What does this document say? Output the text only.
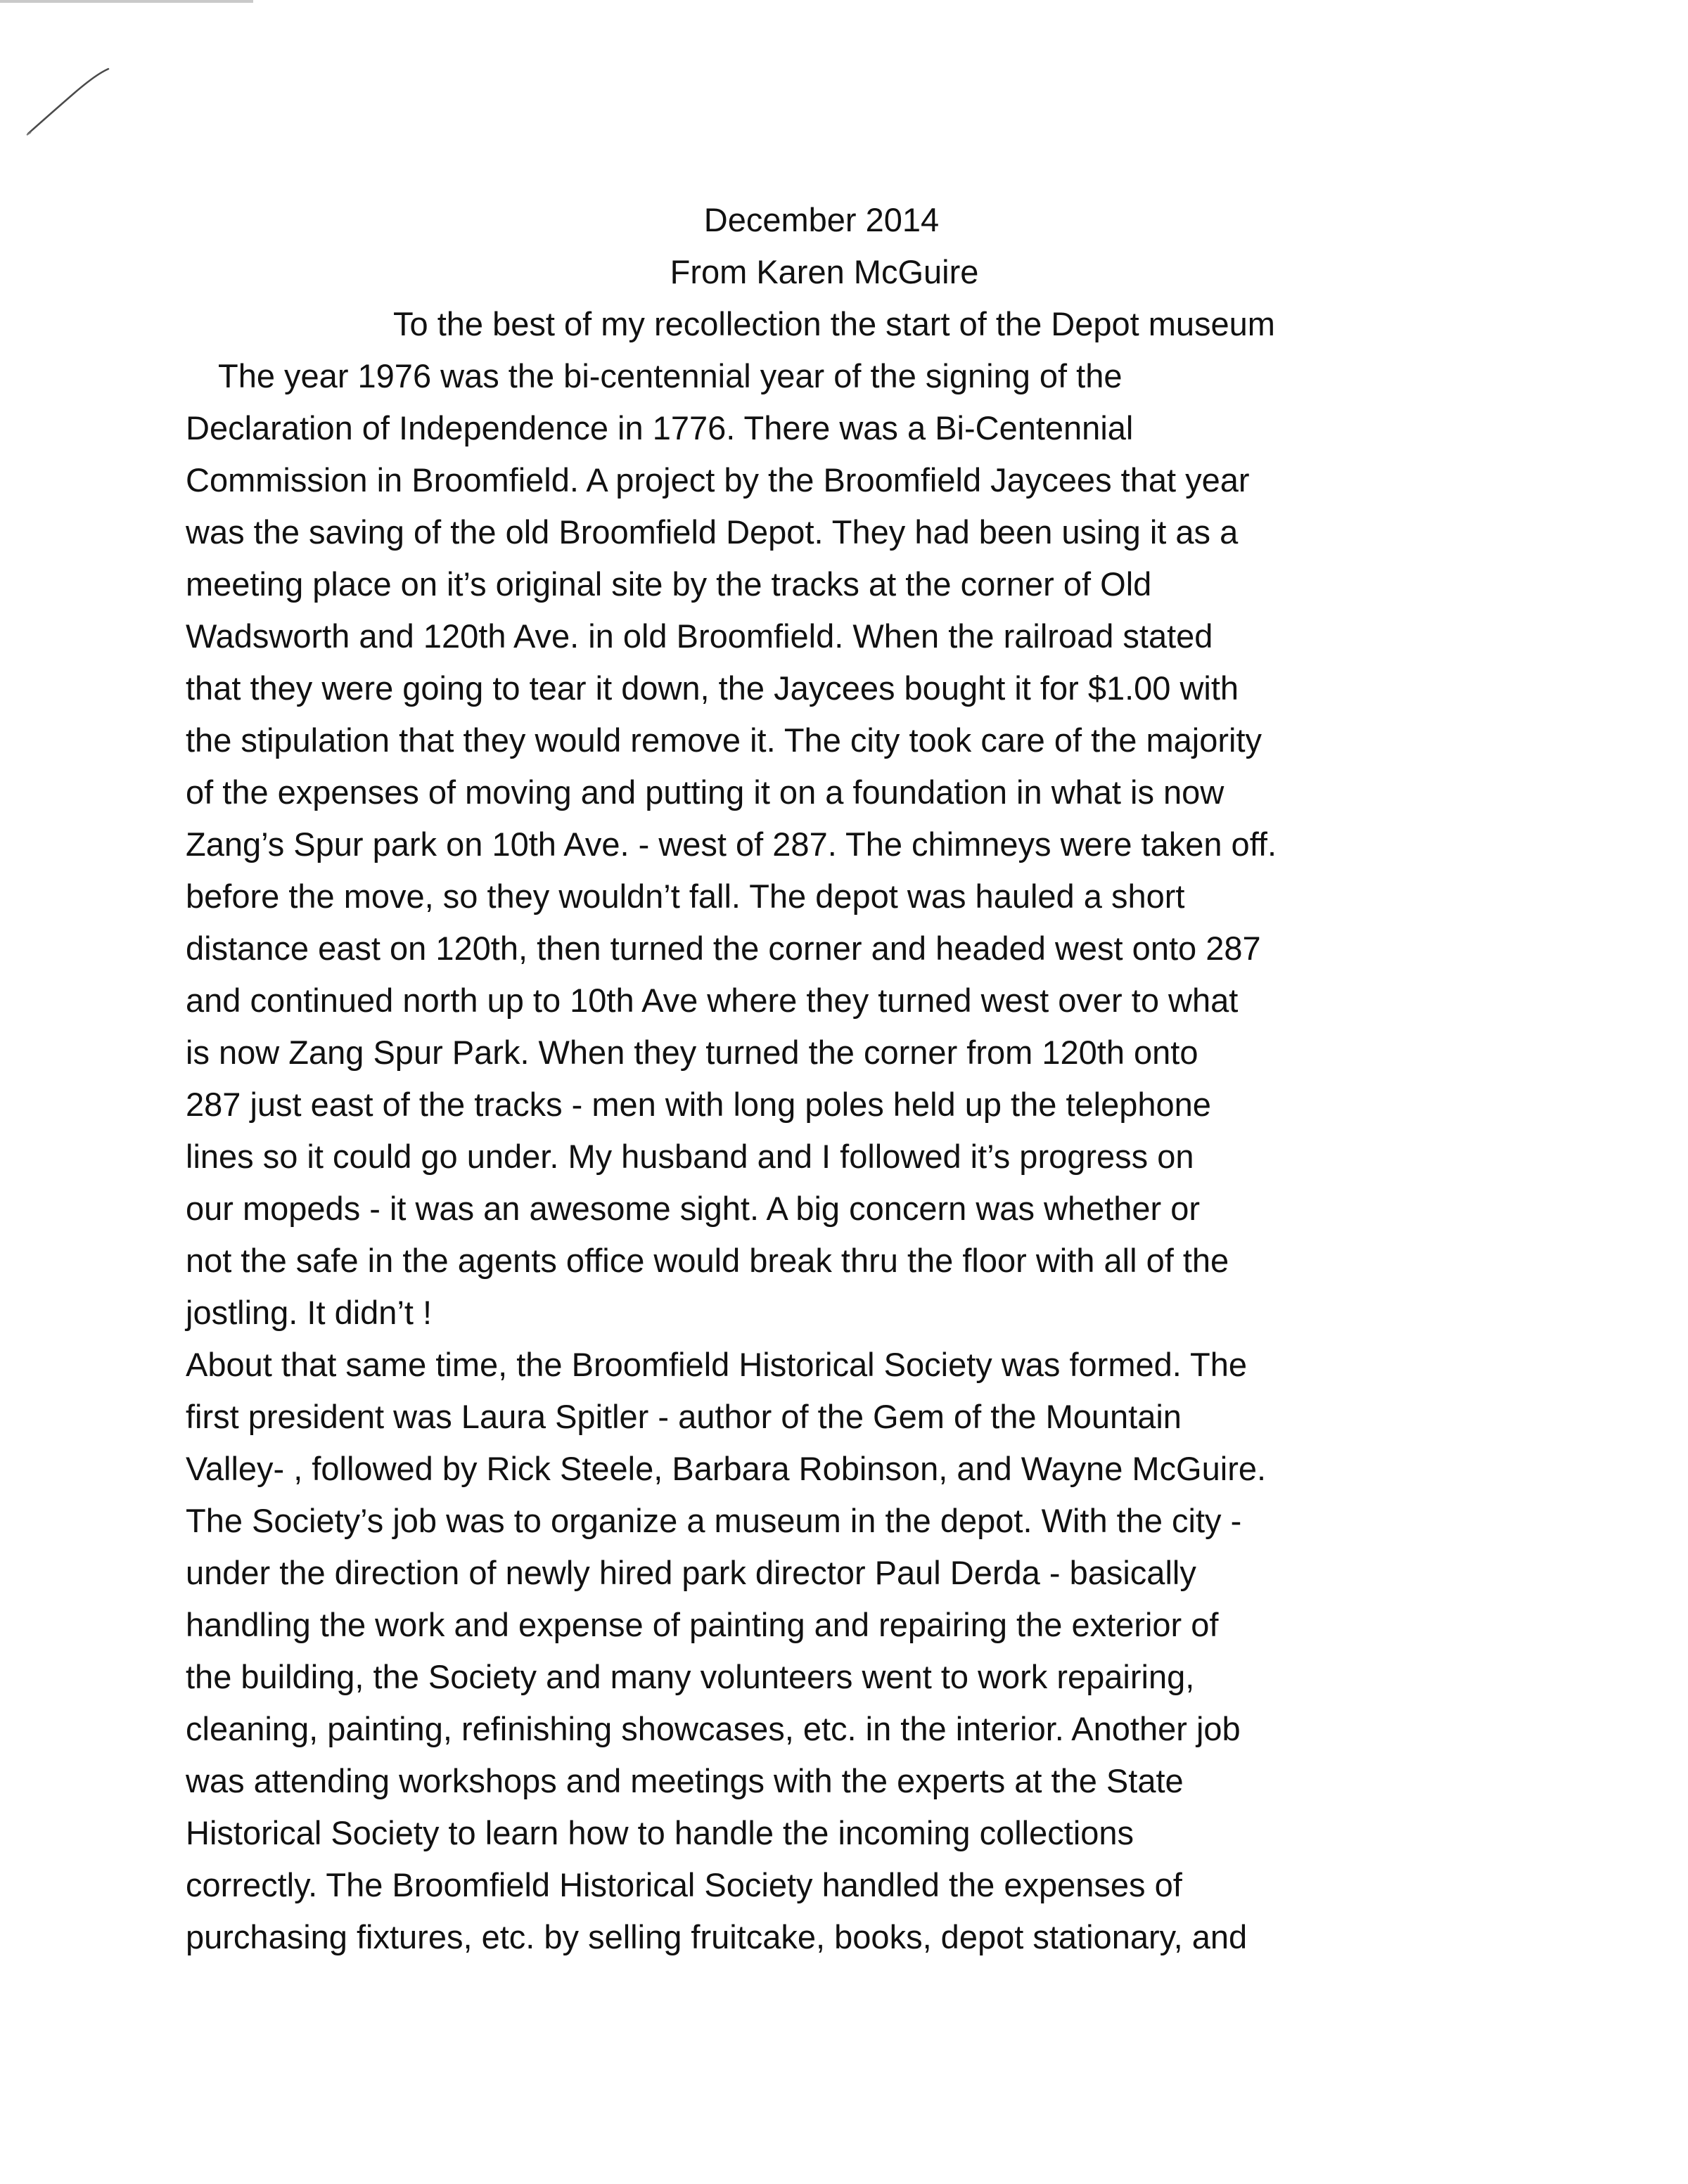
December 2014
From Karen McGuire
To the best of my recollection the start of the Depot museum
The year 1976 was the bi-centennial year of the signing of the
Declaration of Independence in 1776. There was a Bi-Centennial
Commission in Broomfield. A project by the Broomfield Jaycees that year
was the saving of the old Broomfield Depot. They had been using it as a
meeting place on it’s original site by the tracks at the corner of Old
Wadsworth and 120th Ave. in old Broomfield. When the railroad stated
that they were going to tear it down, the Jaycees bought it for $1.00 with
the stipulation that they would remove it. The city took care of the majority
of the expenses of moving and putting it on a foundation in what is now
Zang’s Spur park on 10th Ave. - west of 287. The chimneys were taken off.
before the move, so they wouldn’t fall. The depot was hauled a short
distance east on 120th, then turned the corner and headed west onto 287
and continued north up to 10th Ave where they turned west over to what
is now Zang Spur Park. When they turned the corner from 120th onto
287 just east of the tracks - men with long poles held up the telephone
lines so it could go under. My husband and I followed it’s progress on
our mopeds - it was an awesome sight. A big concern was whether or
not the safe in the agents office would break thru the floor with all of the
jostling. It didn’t !
About that same time, the Broomfield Historical Society was formed. The
first president was Laura Spitler - author of the Gem of the Mountain
Valley- , followed by Rick Steele, Barbara Robinson, and Wayne McGuire.
The Society’s job was to organize a museum in the depot. With the city -
under the direction of newly hired park director Paul Derda - basically
handling the work and expense of painting and repairing the exterior of
the building, the Society and many volunteers went to work repairing,
cleaning, painting, refinishing showcases, etc. in the interior. Another job
was attending workshops and meetings with the experts at the State
Historical Society to learn how to handle the incoming collections
correctly. The Broomfield Historical Society handled the expenses of
purchasing fixtures, etc. by selling fruitcake, books, depot stationary, and
